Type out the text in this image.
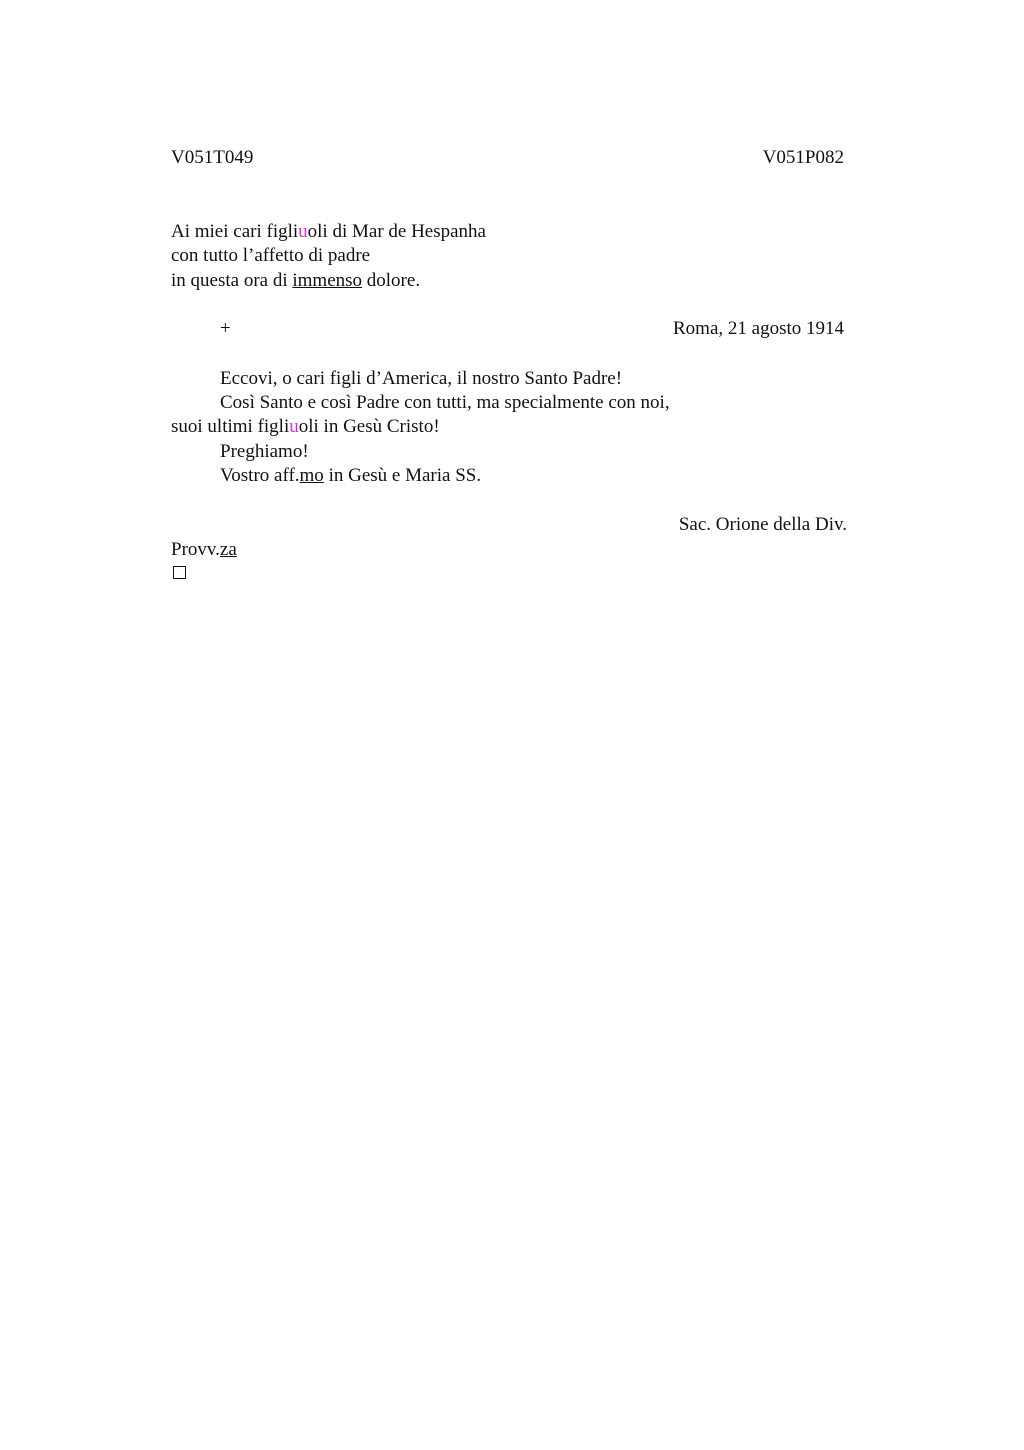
V051T049	V051P082
Ai miei cari figliuoli di Mar de Hespanha
con tutto l’affetto di padre
in questa ora di immenso dolore.
+	Roma, 21 agosto 1914
Eccovi, o cari figli d’America, il nostro Santo Padre!
Così Santo e così Padre con tutti, ma specialmente con noi,
suoi ultimi figliuoli in Gesù Cristo!
Preghiamo!
Vostro aff.mo in Gesù e Maria SS.
Sac. Orione della Div.
Provv.za
